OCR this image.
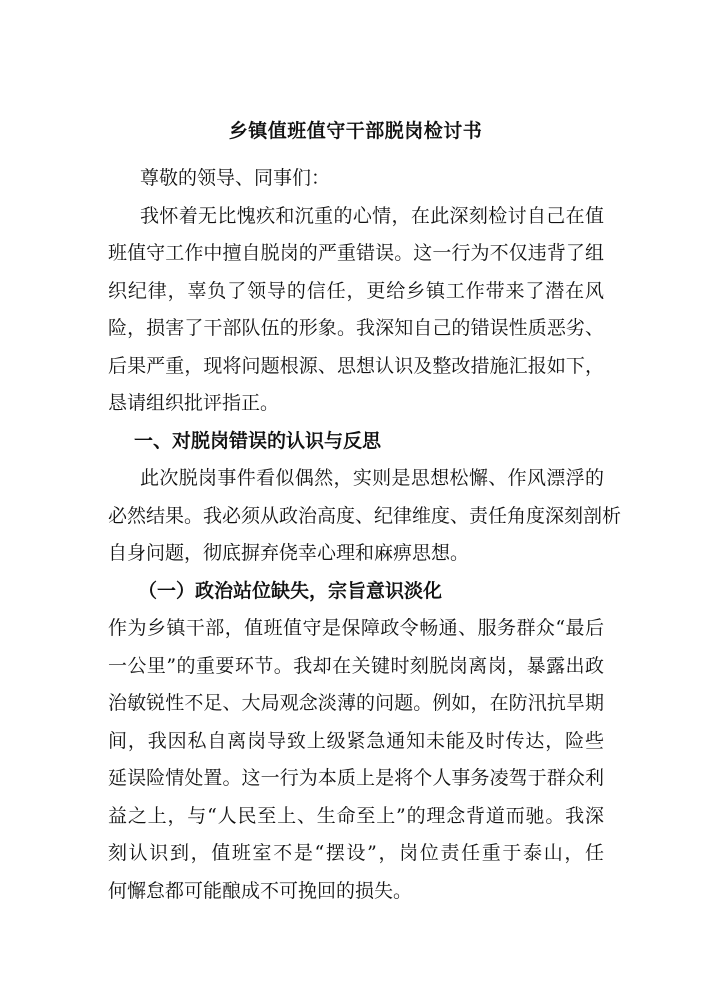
乡镇值班值守干部脱岗检讨书
尊敬的领导、同事们：
我怀着无比愧疚和沉重的心情，在此深刻检讨自己在值
班值守工作中擅自脱岗的严重错误。这一行为不仅违背了组
织纪律，辜负了领导的信任，更给乡镇工作带来了潜在风
险，损害了干部队伍的形象。我深知自己的错误性质恶劣、
后果严重，现将问题根源、思想认识及整改措施汇报如下，
恳请组织批评指正。
一、对脱岗错误的认识与反思
此次脱岗事件看似偶然，实则是思想松懈、作风漂浮的
必然结果。我必须从政治高度、纪律维度、责任角度深刻剖析
自身问题，彻底摒弃侥幸心理和麻痹思想。
（一）政治站位缺失，宗旨意识淡化
作为乡镇干部，值班值守是保障政令畅通、服务群众“最后
一公里”的重要环节。我却在关键时刻脱岗离岗，暴露出政
治敏锐性不足、大局观念淡薄的问题。例如，在防汛抗旱期
间，我因私自离岗导致上级紧急通知未能及时传达，险些
延误险情处置。这一行为本质上是将个人事务凌驾于群众利
益之上，与“人民至上、生命至上”的理念背道而驰。我深
刻认识到，值班室不是“摆设”，岗位责任重于泰山，任
何懈怠都可能酿成不可挽回的损失。
